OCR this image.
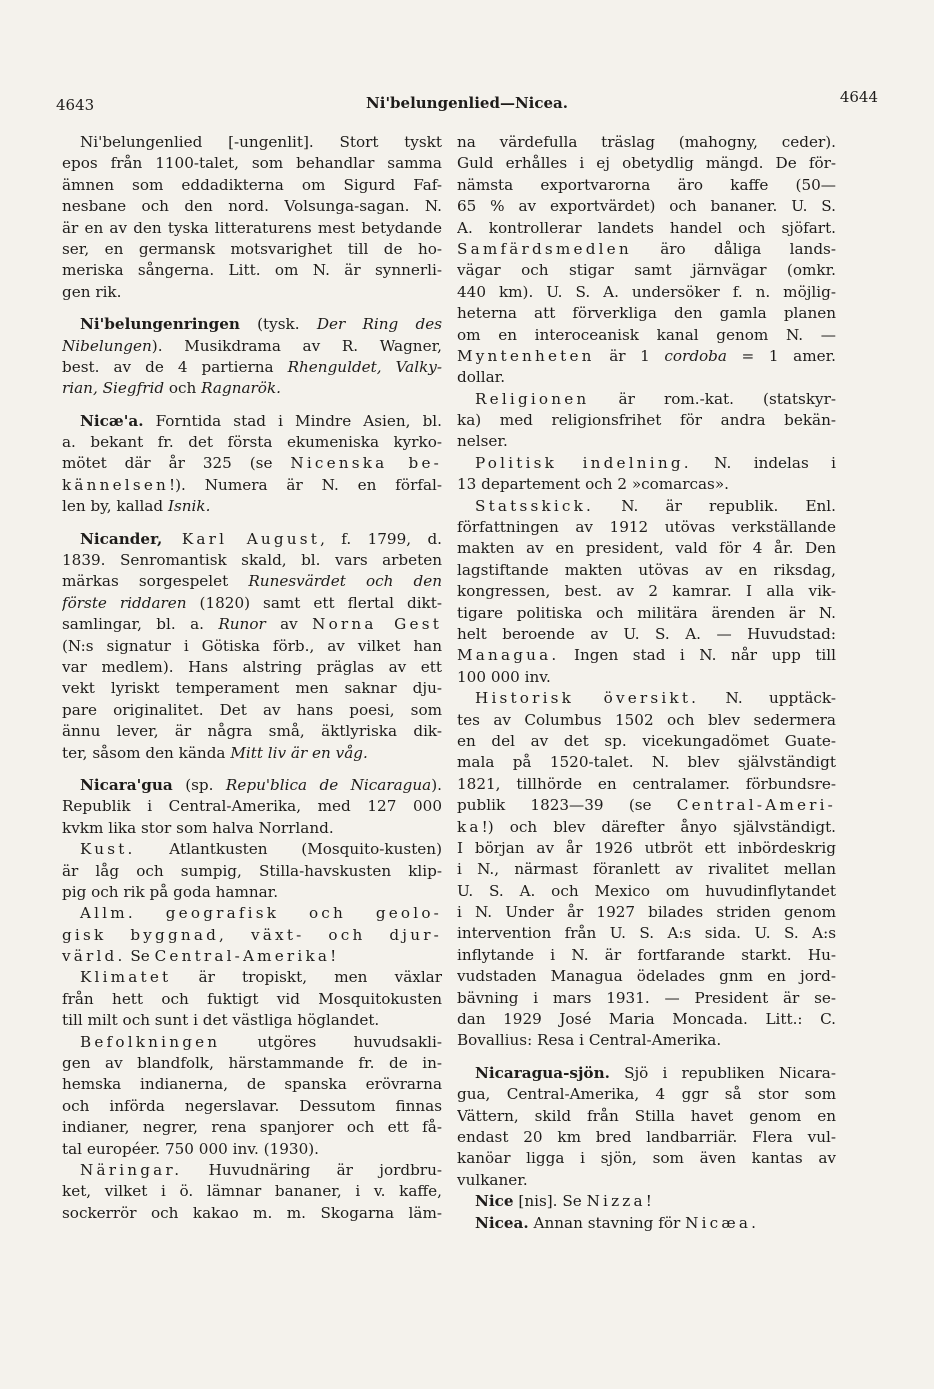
4643	Ni'belungenlied—Nicea.	4644
Ni'belungenlied [-ungenlit]. Stort tyskt
epos från 1100-talet, som behandlar samma
ämnen som eddadikterna om Sigurd Faf-
nesbane och den nord. Volsunga-sagan. N.
är en av den tyska litteraturens mest betydande
ser, en germansk motsvarighet till de ho-
meriska sångerna. Litt. om N. är synnerli-
gen rik.
Ni'belungenringen (tysk. Der Ring des
Nibelungen). Musikdrama av R. Wagner,
best. av de 4 partierna Rhenguldet, Valky-
rian, Siegfrid och Ragnarök.
Nicæ'a. Forntida stad i Mindre Asien, bl.
a. bekant fr. det första ekumeniska kyrko-
mötet där år 325 (se Nicenska be-
kännelsen!). Numera är N. en förfal-
len by, kallad Isnik.
Nicander, Karl August, f. 1799, d.
1839. Senromantisk skald, bl. vars arbeten
märkas sorgespelet Runesvärdet och den
förste riddaren (1820) samt ett flertal dikt-
samlingar, bl. a. Runor av Norna Gest
(N:s signatur i Götiska förb., av vilket han
var medlem). Hans alstring präglas av ett
vekt lyriskt temperament men saknar dju-
pare originalitet. Det av hans poesi, som
ännu lever, är några små, äktlyriska dik-
ter, såsom den kända Mitt liv är en våg.
Nicara'gua (sp. Repu'blica de Nicaragua).
Republik i Central-Amerika, med 127 000
kvkm lika stor som halva Norrland.
Kust. Atlantkusten (Mosquito-kusten)
är låg och sumpig, Stilla-havskusten klip-
pig och rik på goda hamnar.
Allm. geografisk och geolo-
gisk byggnad, växt- och djur-
värld. Se Central-Amerika!
Klimatet är tropiskt, men växlar
från hett och fuktigt vid Mosquitokusten
till milt och sunt i det västliga höglandet.
Befolkningen utgöres huvudsakli-
gen av blandfolk, härstammande fr. de in-
hemska indianerna, de spanska erövrarna
och införda negerslavar. Dessutom finnas
indianer, negrer, rena spanjorer och ett få-
tal européer. 750 000 inv. (1930).
Näringar. Huvudnäring är jordbru-
ket, vilket i ö. lämnar bananer, i v. kaffe,
sockerrör och kakao m. m. Skogarna läm-
na värdefulla träslag (mahogny, ceder).
Guld erhålles i ej obetydlig mängd. De för-
nämsta exportvarorna äro kaffe (50—
65 % av exportvärdet) och bananer. U. S.
A. kontrollerar landets handel och sjöfart.
Samfärdsmedlen äro dåliga lands-
vägar och stigar samt järnvägar (omkr.
440 km). U. S. A. undersöker f. n. möjlig-
heterna att förverkliga den gamla planen
om en interoceanisk kanal genom N. —
Myntenheten är 1 cordoba = 1 amer.
dollar.
Religionen är rom.-kat. (statskyr-
ka) med religionsfrihet för andra bekän-
nelser.
Politisk indelning. N. indelas i
13 departement och 2 »comarcas».
Statsskick. N. är republik. Enl.
författningen av 1912 utövas verkställande
makten av en president, vald för 4 år. Den
lagstiftande makten utövas av en riksdag,
kongressen, best. av 2 kamrar. I alla vik-
tigare politiska och militära ärenden är N.
helt beroende av U. S. A. — Huvudstad:
Managua. Ingen stad i N. når upp till
100 000 inv.
Historisk översikt. N. upptäck-
tes av Columbus 1502 och blev sedermera
en del av det sp. vicekungadömet Guate-
mala på 1520-talet. N. blev självständigt
1821, tillhörde en centralamer. förbundsre-
publik 1823—39 (se Central-Ameri-
ka!) och blev därefter ånyo självständigt.
I början av år 1926 utbröt ett inbördeskrig
i N., närmast föranlett av rivalitet mellan
U. S. A. och Mexico om huvudinflytandet
i N. Under år 1927 bilades striden genom
intervention från U. S. A:s sida. U. S. A:s
inflytande i N. är fortfarande starkt. Hu-
vudstaden Managua ödelades gnm en jord-
bävning i mars 1931. — President är se-
dan 1929 José Maria Moncada. Litt.: C.
Bovallius: Resa i Central-Amerika.
Nicaragua-sjön. Sjö i republiken Nicara-
gua, Central-Amerika, 4 ggr så stor som
Vättern, skild från Stilla havet genom en
endast 20 km bred landbarriär. Flera vul-
kanöar ligga i sjön, som även kantas av
vulkaner.
Nice [nis]. Se Nizza!
Nicea. Annan stavning för Nicæa.
